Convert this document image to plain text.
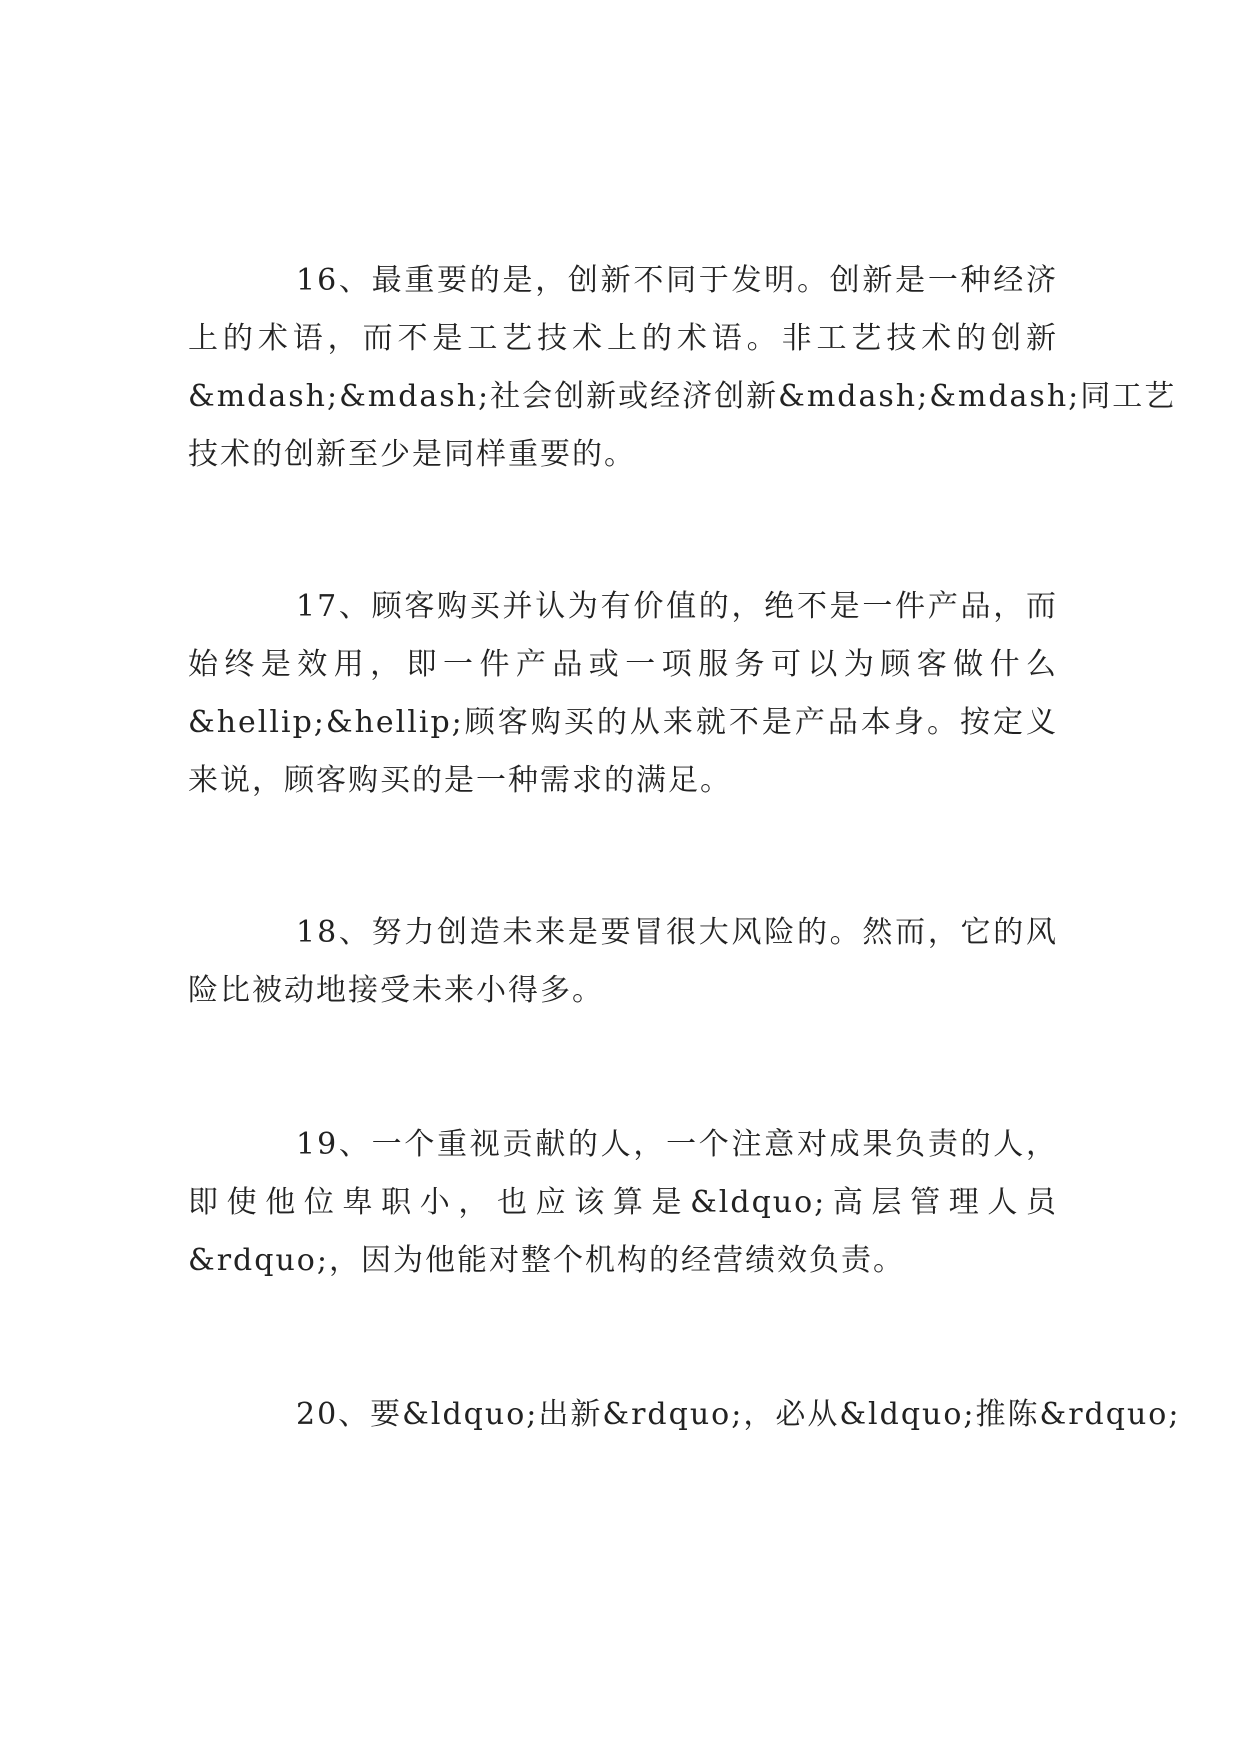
16、最重要的是，创新不同于发明。创新是一种经济
上的术语，而不是工艺技术上的术语。非工艺技术的创新
&mdash;&mdash;社会创新或经济创新&mdash;&mdash;同工艺
技术的创新至少是同样重要的。
17、顾客购买并认为有价值的，绝不是一件产品，而
始终是效用，即一件产品或一项服务可以为顾客做什么
&hellip;&hellip;顾客购买的从来就不是产品本身。按定义
来说，顾客购买的是一种需求的满足。
18、努力创造未来是要冒很大风险的。然而，它的风
险比被动地接受未来小得多。
19、一个重视贡献的人，一个注意对成果负责的人，
即使他位卑职小，也应该算是&ldquo;高层管理人员
&rdquo;，因为他能对整个机构的经营绩效负责。
20、要&ldquo;出新&rdquo;，必从&ldquo;推陈&rdquo;
